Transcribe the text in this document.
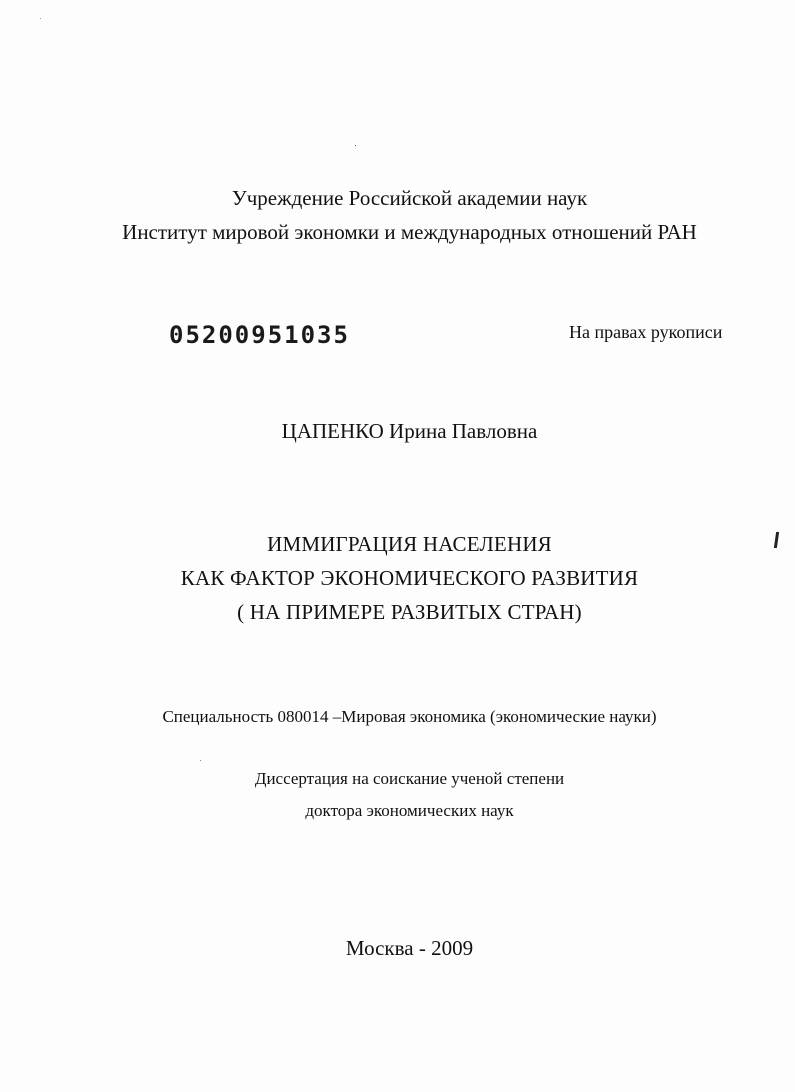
Учреждение Российской академии наук
Институт мировой экономки и международных отношений РАН
05200951035	На правах рукописи
ЦАПЕНКО Ирина Павловна
ИММИГРАЦИЯ НАСЕЛЕНИЯ
КАК ФАКТОР ЭКОНОМИЧЕСКОГО РАЗВИТИЯ
( НА ПРИМЕРЕ РАЗВИТЫХ СТРАН)
Специальность 080014 –Мировая экономика (экономические науки)
Диссертация на соискание ученой степени
доктора экономических наук
Москва - 2009
